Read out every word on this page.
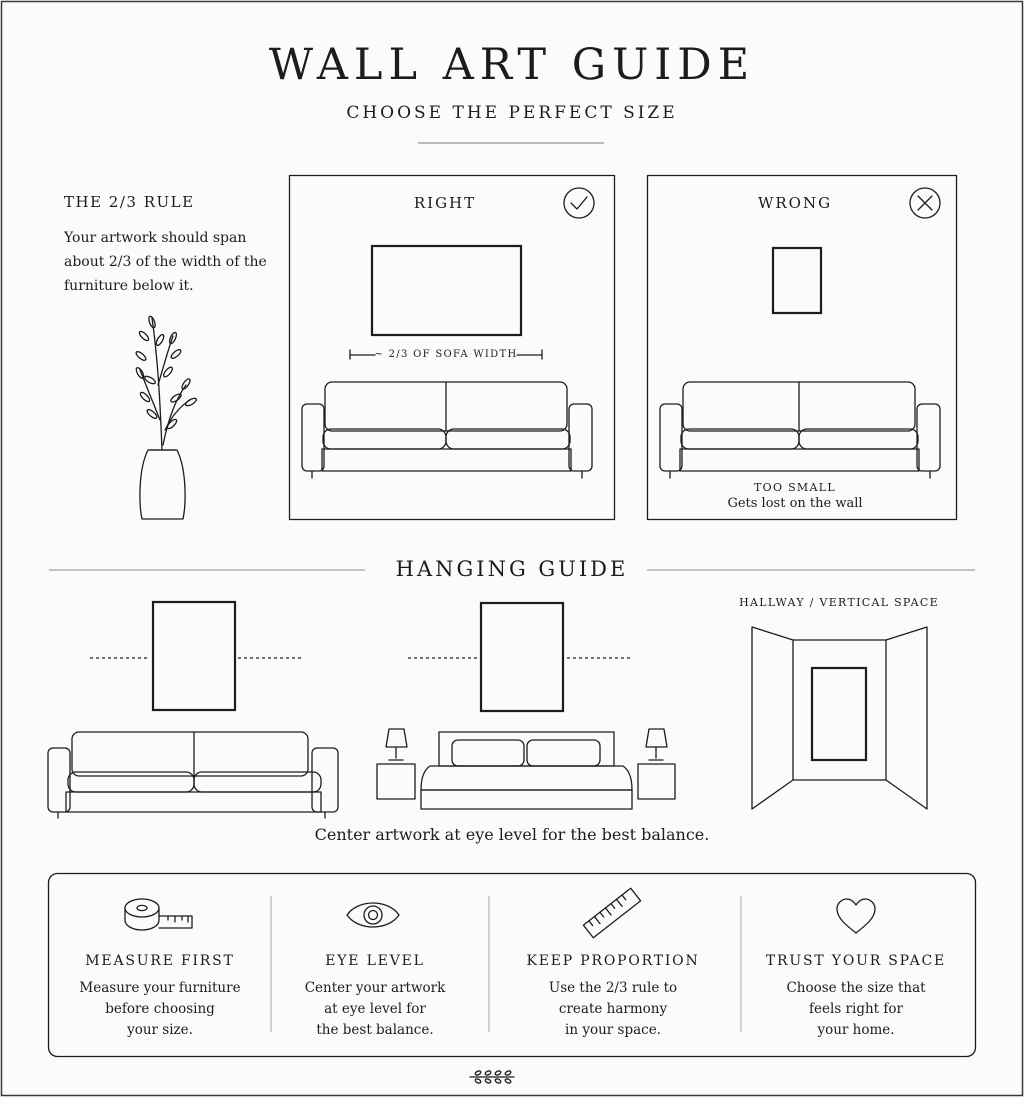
WALL ART GUIDE
CHOOSE THE PERFECT SIZE
THE 2/3 RULE
Your artwork should span about 2/3 of the width of the furniture below it.
RIGHT
~ 2/3 OF SOFA WIDTH
WRONG
TOO SMALL
Gets lost on the wall
HANGING GUIDE
HALLWAY / VERTICAL SPACE
Center artwork at eye level for the best balance.
MEASURE FIRST
Measure your furniture
before choosing
your size.
EYE LEVEL
Center your artwork
at eye level for
the best balance.
KEEP PROPORTION
Use the 2/3 rule to
create harmony
in your space.
TRUST YOUR SPACE
Choose the size that
feels right for
your home.
